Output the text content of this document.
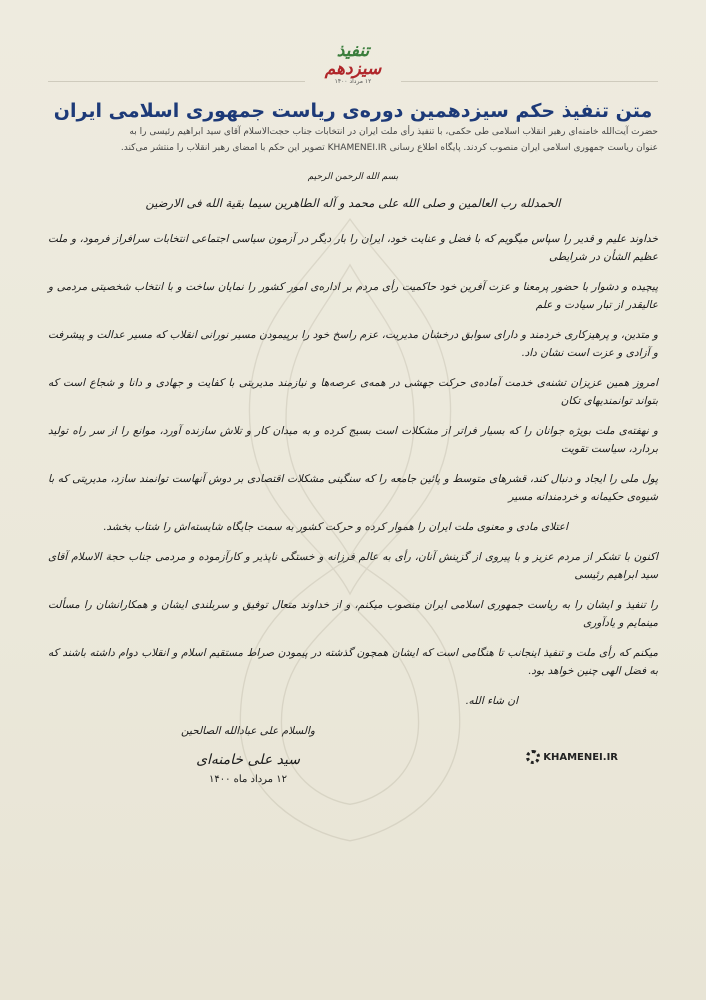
تنفیذ
سیزدهم
۱۲ مرداد ۱۴۰۰
متن تنفیذ حکم سیزدهمین دوره‌ی ریاست جمهوری اسلامی ایران
حضرت آیت‌الله خامنه‌ای رهبر انقلاب اسلامی طی حکمی، با تنفیذ رأی ملت ایران در انتخابات جناب حجت‌الاسلام آقای سید ابراهیم رئیسی را به
عنوان ریاست جمهوری اسلامی ایران منصوب کردند. پایگاه اطلاع رسانی KHAMENEI.IR تصویر این حکم با امضای رهبر انقلاب را منتشر می‌کند.
بسم الله الرحمن الرحیم
الحمدلله رب العالمین و صلی الله علی محمد و آله الطاهرین سیما بقیة الله فی الارضین
خداوند علیم و قدیر را سپاس میگویم که با فضل و عنایت خود، ایران را بار دیگر در آزمون سیاسی اجتماعی انتخابات سرافراز فرمود، و ملت عظیم الشأن در شرایطی
پیچیده و دشوار با حضور پرمعنا و عزت آفرین خود حاکمیت رأی مردم بر اداره‌ی امور کشور را نمایان ساخت و با انتخاب شخصیتی مردمی و عالیقدر از تبار سیادت و علم
و متدین، و پرهیزکاری خردمند و دارای سوابق درخشان مدیریت، عزم راسخ خود را برپیمودن مسیر نورانی انقلاب که مسیر عدالت و پیشرفت و آزادی و عزت است نشان داد.
امروز همین عزیزان تشنه‌ی خدمت آماده‌ی حرکت جهشی در همه‌ی عرصه‌ها و نیازمند مدیریتی با کفایت و جهادی و دانا و شجاع است که بتواند توانمندیهای تکان
و نهفته‌ی ملت بویژه جوانان را که بسیار فراتر از مشکلات است بسیج کرده و به میدان کار و تلاش سازنده آورد، موانع را از سر راه تولید بردارد، سیاست تقویت
پول ملی را ایجاد و دنبال کند، قشرهای متوسط و پائین جامعه را که سنگینی مشکلات اقتصادی بر دوش آنهاست توانمند سازد، مدیریتی که با شیوه‌ی حکیمانه و خردمندانه مسیر
اعتلای مادی و معنوی ملت ایران را هموار کرده و حرکت کشور به سمت جایگاه شایسته‌اش را شتاب بخشد.
اکنون با تشکر از مردم عزیز و با پیروی از گزینش آنان، رأی به عالم فرزانه و خستگی ناپذیر و کارآزموده و مردمی جناب حجة الاسلام آقای سید ابراهیم رئیسی
را تنفیذ و ایشان را به ریاست جمهوری اسلامی ایران منصوب میکنم، و از خداوند متعال توفیق و سربلندی ایشان و همکارانشان را مسألت مینمایم و یادآوری
میکنم که رأی ملت و تنفیذ اینجانب تا هنگامی است که ایشان همچون گذشته در پیمودن صراط مستقیم اسلام و انقلاب دوام داشته باشند که به فضل الهی چنین خواهد بود.
ان شاء الله.
والسلام علی عبادالله الصالحین
سید علی خامنه‌ای
۱۲ مرداد ماه ۱۴۰۰
KHAMENEI.IR
